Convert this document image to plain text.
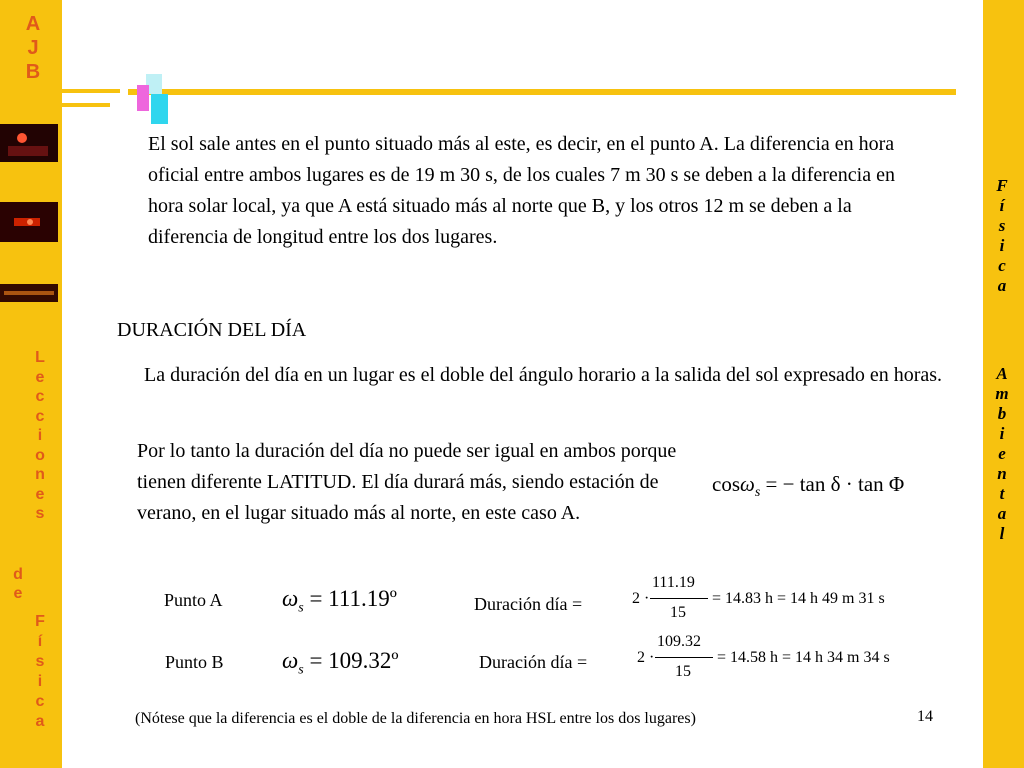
A
J
B
L
e
c
c
i
o
n
e
s
d
e
F
í
s
i
c
a
F
í
s
i
c
a
A
m
b
i
e
n
t
a
l

El sol sale antes en el punto situado más al este, es decir, en el punto A. La diferencia en hora oficial entre ambos lugares es de 19 m 30 s, de los cuales 7 m 30 s se deben a la diferencia en hora solar local, ya que A está situado más al norte que B, y los otros 12 m se deben a la diferencia de longitud entre los dos lugares.

DURACIÓN DEL DÍA

La duración del día en un lugar es el doble del ángulo horario a la salida del sol expresado en horas.

Por lo tanto la duración del día no puede ser igual en ambos porque tienen diferente LATITUD. El día durará más, siendo estación de verano, en el lugar situado más al norte, en este caso A.

cosω$_s$ = − tan δ · tan Φ

Punto A	$\omega_s$ = 111.19º	Duración día =	2 ·
111.19
15
= 14.83 h = 14 h 49 m 31 s

Punto B	$\omega_s$ = 109.32º	Duración día =	2 ·
109.32
15
= 14.58 h = 14 h 34 m 34 s

(Nótese que la diferencia es el doble de la diferencia en hora HSL entre los dos lugares)	14
